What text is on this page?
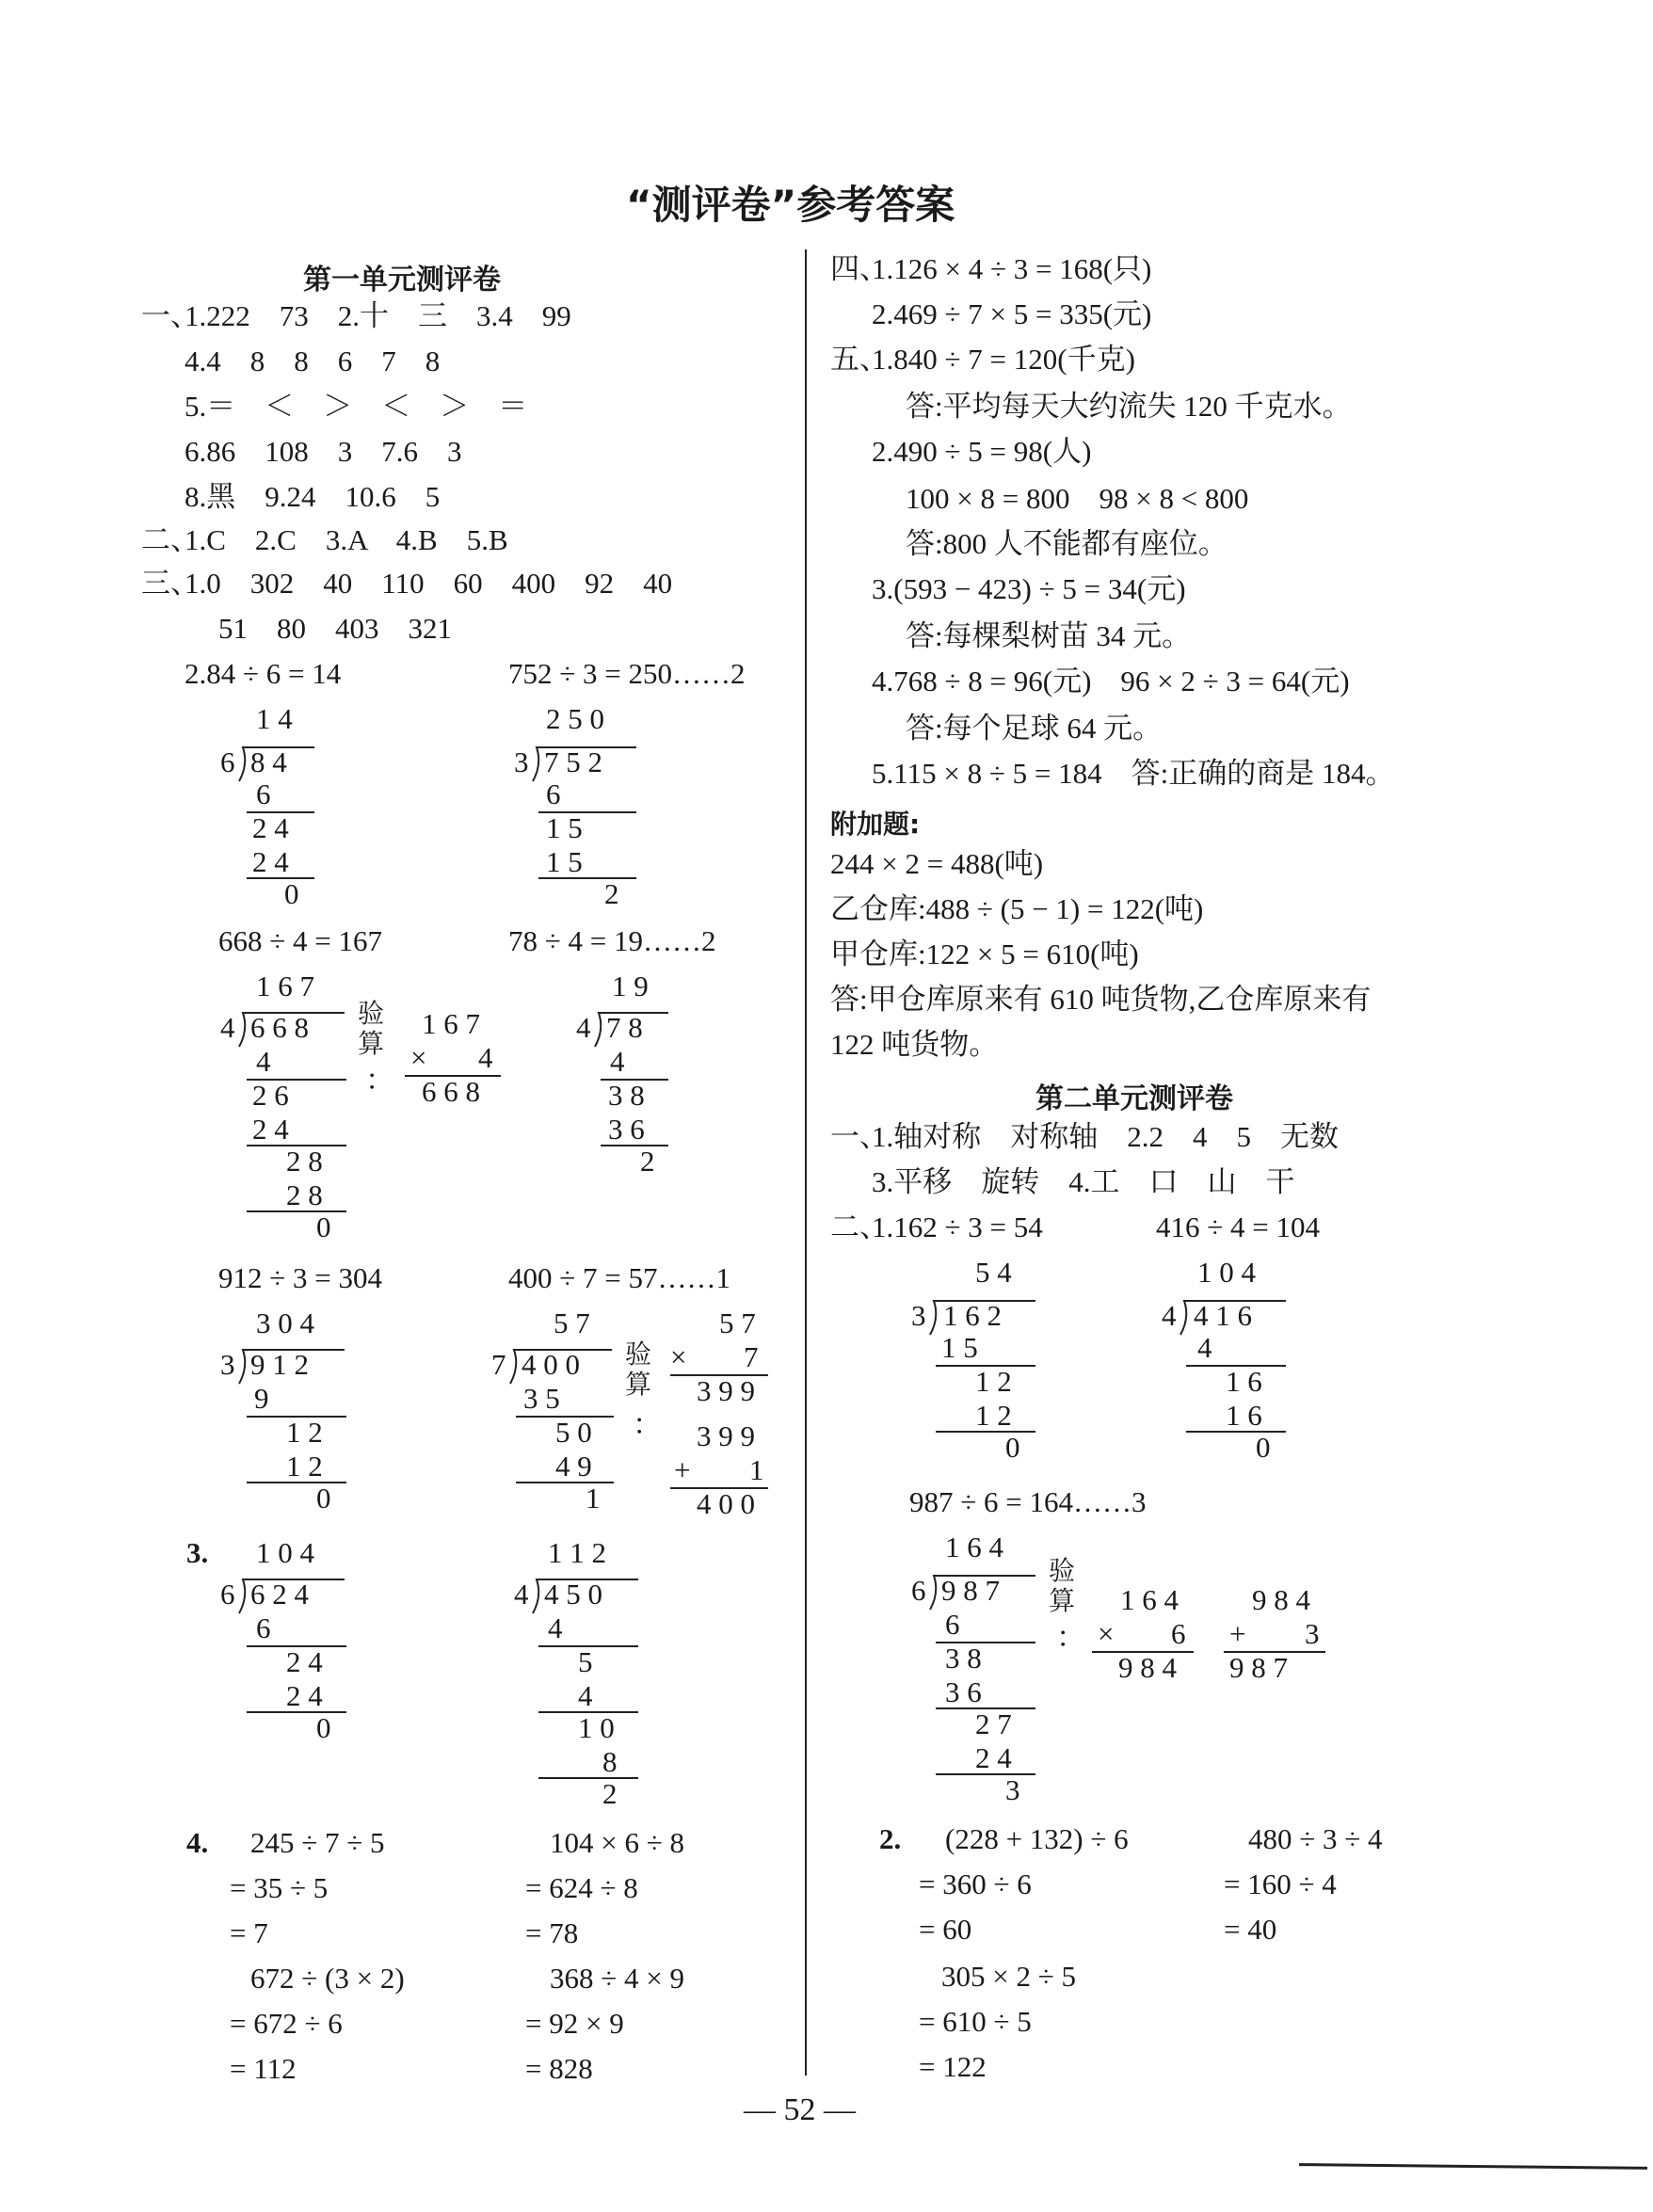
“测评卷”参考答案
第一单元测评卷
一、
1.222　73　2.十　三　3.4　99
4.4　8　8　6　7　8
5.＝　＜　＞　＜　＞　＝
6.86　108　3　7.6　3
8.黑　9.24　10.6　5
二、
1.C　2.C　3.A　4.B　5.B
三、
1.0　302　40　110　60　400　92　40
51　80　403　321
2.84 ÷ 6 = 14	752 ÷ 3 = 250……2
1 4
6 8 4
6
2 4
2 4
0
2 5 0
3 7 5 2
6
1 5
1 5
2
668 ÷ 4 = 167	78 ÷ 4 = 19……2
1 6 7
4 6 6 8
4
2 6
2 4
2 8
2 8
0
验算
：
1 6 7
× 4
6 6 8
1 9
4 7 8
4
3 8
3 6
2
912 ÷ 3 = 304	400 ÷ 7 = 57……1
3 0 4
3 9 1 2
9
1 2
1 2
0
5 7
7 4 0 0
3 5
5 0
4 9
1
验算
：
5 7
× 7
3 9 9
3 9 9
+ 1
4 0 0
3. 1 0 4
6 6 2 4
6
2 4
2 4
0
1 1 2
4 4 5 0
4
5
4
1 0
8
2
4. 245 ÷ 7 ÷ 5
= 35 ÷ 5
= 7
104 × 6 ÷ 8
= 624 ÷ 8
= 78
672 ÷ (3 × 2)
= 672 ÷ 6
= 112
368 ÷ 4 × 9
= 92 × 9
= 828
四、
1.126 × 4 ÷ 3 = 168(只)
2.469 ÷ 7 × 5 = 335(元)
五、
1.840 ÷ 7 = 120(千克)
答:平均每天大约流失 120 千克水。
2.490 ÷ 5 = 98(人)
100 × 8 = 800　98 × 8 < 800
答:800 人不能都有座位。
3.(593 − 423) ÷ 5 = 34(元)
答:每棵梨树苗 34 元。
4.768 ÷ 8 = 96(元)　96 × 2 ÷ 3 = 64(元)
答:每个足球 64 元。
5.115 × 8 ÷ 5 = 184　答:正确的商是 184。
附加题:
244 × 2 = 488(吨)
乙仓库:488 ÷ (5 − 1) = 122(吨)
甲仓库:122 × 5 = 610(吨)
答:甲仓库原来有 610 吨货物,乙仓库原来有
122 吨货物。
第二单元测评卷
一、
1.轴对称　对称轴　2.2　4　5　无数
3.平移　旋转　4.工　口　山　干
二、
1.162 ÷ 3 = 54	416 ÷ 4 = 104
5 4
3 1 6 2
1 5
1 2
1 2
0
1 0 4
4 4 1 6
4
1 6
1 6
0
987 ÷ 6 = 164……3
1 6 4
6 9 8 7
6
3 8
3 6
2 7
2 4
3
验算
：
1 6 4
× 6
9 8 4
9 8 4
+ 3
9 8 7
2. (228 + 132) ÷ 6
= 360 ÷ 6
= 60
480 ÷ 3 ÷ 4
= 160 ÷ 4
= 40
305 × 2 ÷ 5
= 610 ÷ 5
= 122
— 52 —
